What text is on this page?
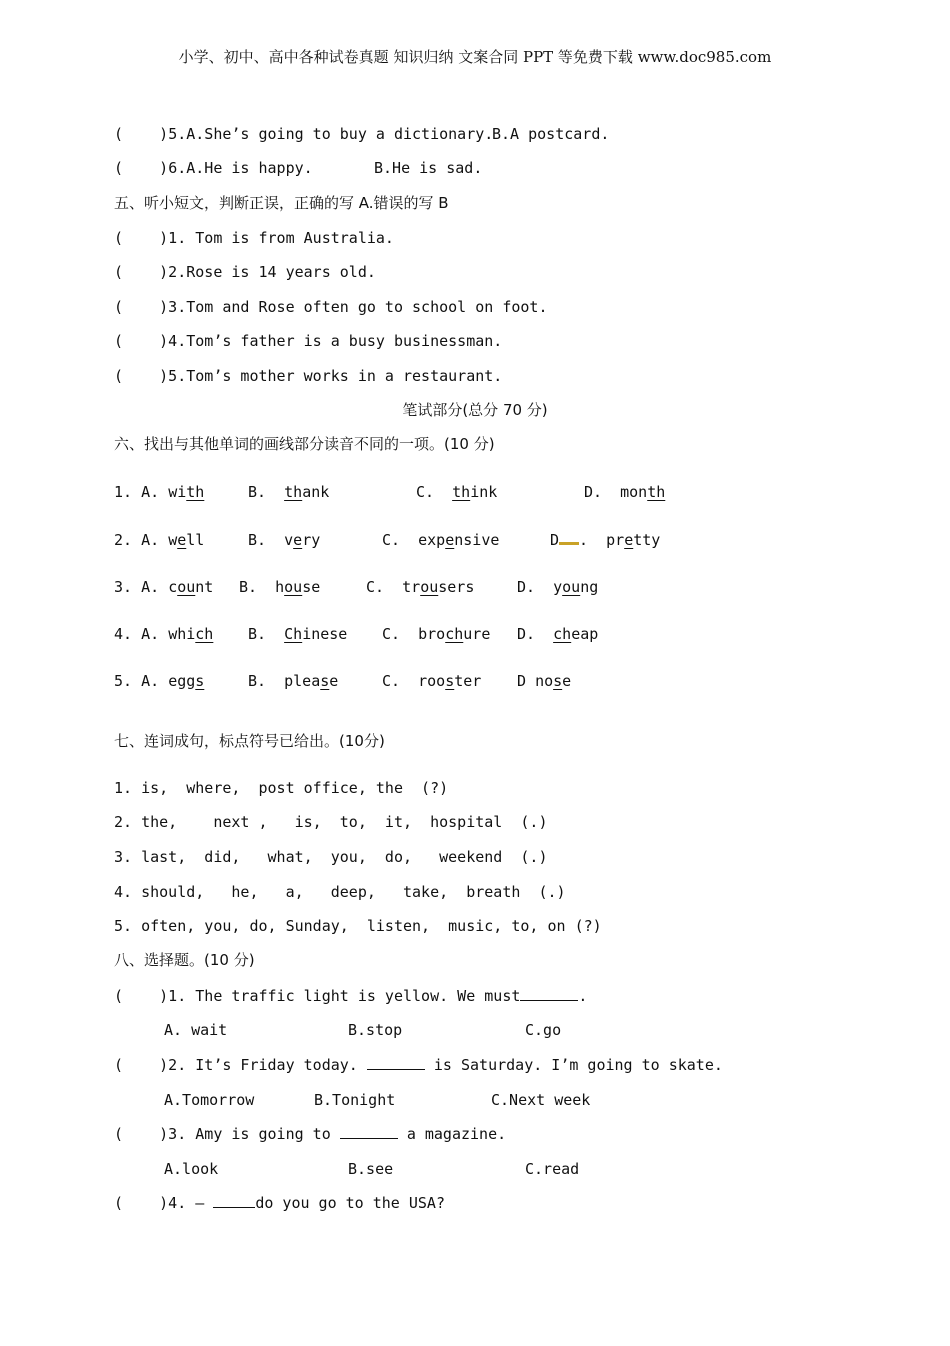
小学、初中、高中各种试卷真题 知识归纳 文案合同 PPT 等免费下载 www.doc985.com
(    )5.A.She’s going to buy a dictionary.
B.A postcard.
(    )6.A.He is happy.	B.He is sad.
五、听小短文，判断正误，正确的写 A.错误的写 B
(    )1. Tom is from Australia.
(    )2.Rose is 14 years old.
(    )3.Tom and Rose often go to school on foot.
(    )4.Tom’s father is a busy businessman.
(    )5.Tom’s mother works in a restaurant.
笔试部分(总分 70 分)
六、找出与其他单词的画线部分读音不同的一项。(10 分)
1. A. with	B. thank	C. think	D. month
2. A. well	B. very	C. expensive	D . pretty
3. A. count B. house	C. trousers	D. young
4. A. which B. Chinese C. brochure D. cheap
5. A. eggs	B. please	C. rooster D nose
七、连词成句，标点符号已给出。(10分)
1. is,  where,  post office, the  (?)
2. the,    next ,   is,  to,  it,  hospital  (.)
3. last,  did,   what,  you,  do,   weekend  (.)
4. should,   he,   a,   deep,   take,  breath  (.)
5. often, you, do, Sunday,  listen,  music, to, on (?)
八、选择题。(10 分)
(    )1. The traffic light is yellow. We must	.
A. wait	B.stop	C.go
(    )2. It’s Friday today.	is Saturday. I’m going to skate.
A.Tomorrow	B.Tonight	C.Next week
(    )3. Amy is going to	a magazine.
A.look	B.see	C.read
(    )4. —	do you go to the USA?
